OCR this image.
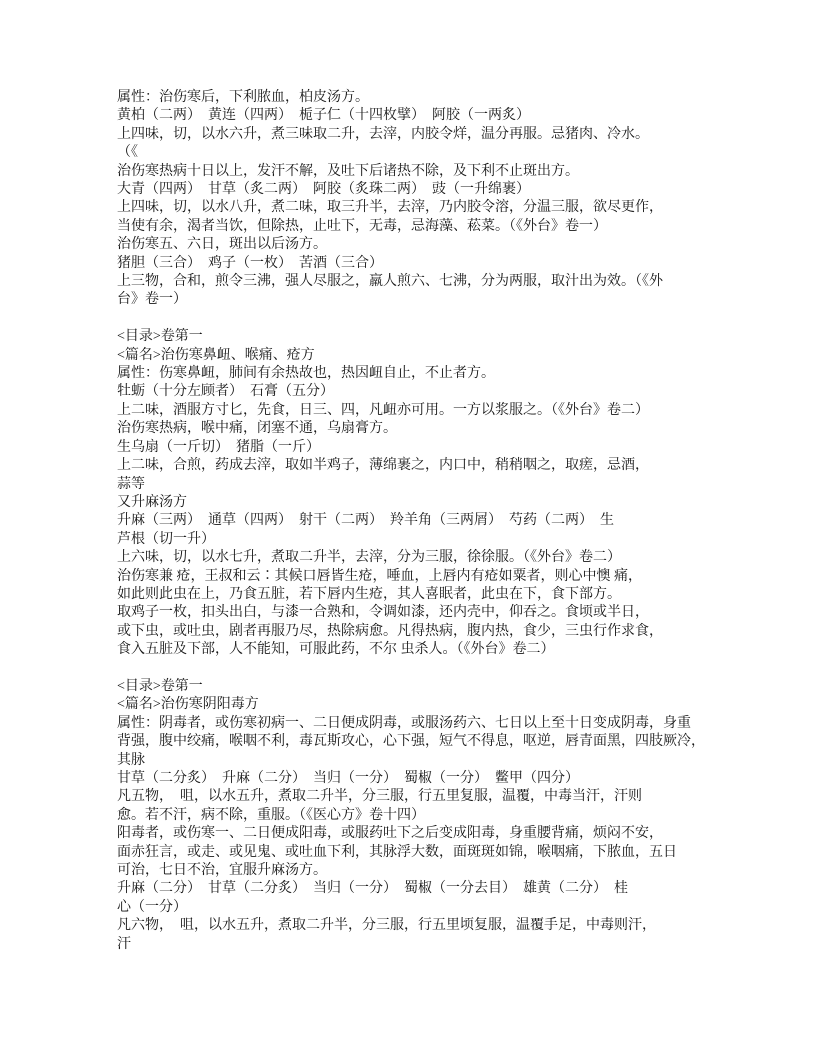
属性：治伤寒后，下利脓血，柏皮汤方。
黄柏（二两）　黄连（四两）　栀子仁（十四枚擘）　阿胶（一两炙）
上四味，切，以水六升，煮三味取二升，去滓，内胶令烊，温分再服。忌猪肉、冷水。
（《
治伤寒热病十日以上，发汗不解，及吐下后诸热不除，及下利不止斑出方。
大青（四两）　甘草（炙二两）　阿胶（炙珠二两）　豉（一升绵裹）
上四味，切，以水八升，煮二味，取三升半，去滓，乃内胶令溶，分温三服，欲尽更作，
当使有余，渴者当饮，但除热，止吐下，无毒，忌海藻、菘菜。（《外台》卷一）
治伤寒五、六日，斑出以后汤方。
猪胆（三合）　鸡子（一枚）　苦酒（三合）
上三物，合和，煎令三沸，强人尽服之，羸人煎六、七沸，分为两服，取汁出为效。（《外
台》卷一）
<目录>卷第一
<篇名>治伤寒鼻衄、喉痛、疮方
属性：伤寒鼻衄，肺间有余热故也，热因衄自止，不止者方。
牡蛎（十分左顾者）　石膏（五分）
上二味，酒服方寸匕，先食，日三、四，凡衄亦可用。一方以浆服之。（《外台》卷二）
治伤寒热病，喉中痛，闭塞不通，乌扇膏方。
生乌扇（一斤切）　猪脂（一斤）
上二味，合煎，药成去滓，取如半鸡子，薄绵裹之，内口中，稍稍咽之，取瘥，忌酒，
蒜等
又升麻汤方
升麻（三两）　通草（四两）　射干（二两）　羚羊角（三两屑）　芍药（二两）　生
芦根（切一升）
上六味，切，以水七升，煮取二升半，去滓，分为三服，徐徐服。（《外台》卷二）
治伤寒兼 疮，王叔和云∶其候口唇皆生疮，唾血，上唇内有疮如粟者，则心中懊 痛，
如此则此虫在上，乃食五脏，若下唇内生疮，其人喜眠者，此虫在下，食下部方。
取鸡子一枚，扣头出白，与漆一合熟和，令调如漆，还内壳中，仰吞之。食顷或半日，
或下虫，或吐虫，剧者再服乃尽，热除病愈。凡得热病，腹内热，食少，三虫行作求食，
食入五脏及下部，人不能知，可服此药，不尔 虫杀人。（《外台》卷二）
<目录>卷第一
<篇名>治伤寒阴阳毒方
属性：阴毒者，或伤寒初病一、二日便成阴毒，或服汤药六、七日以上至十日变成阴毒，身重
背强，腹中绞痛，喉咽不利，毒瓦斯攻心，心下强，短气不得息，呕逆，唇青面黑，四肢厥冷，
其脉
甘草（二分炙）　升麻（二分）　当归（一分）　蜀椒（一分）　鳖甲（四分）
凡五物，　咀，以水五升，煮取二升半，分三服，行五里复服，温覆，中毒当汗，汗则
愈。若不汗，病不除，重服。（《医心方》卷十四）
阳毒者，或伤寒一、二日便成阳毒，或服药吐下之后变成阳毒，身重腰背痛，烦闷不安，
面赤狂言，或走、或见鬼、或吐血下利，其脉浮大数，面斑斑如锦，喉咽痛，下脓血，五日
可治，七日不治，宜服升麻汤方。
升麻（二分）　甘草（二分炙）　当归（一分）　蜀椒（一分去目）　雄黄（二分）　桂
心（一分）
凡六物，　咀，以水五升，煮取二升半，分三服，行五里顷复服，温覆手足，中毒则汗，
汗
